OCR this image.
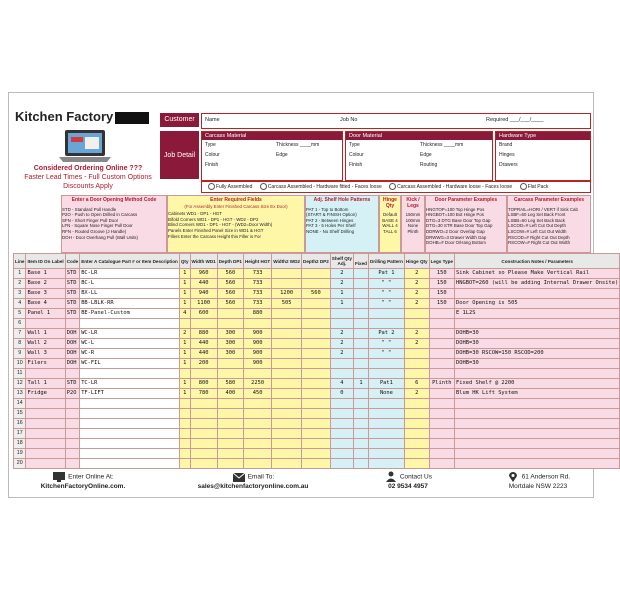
Kitchen Factory
Considered Ordering Online ???
Faster Lead Times - Full Custom Options
Discounts Apply
Customer	Name	Job No	Required ___/___/____
Job Detail
Carcass Material
Type	Thickness ____mm
Colour	Edge
Finish
Door Material
Type	Thickness ____mm
Colour	Edge
Finish	Routing
Hardware Type
Brand
Hinges
Drawers
Fully Assembled	Carcass Assembled - Hardware fitted - Faces loose	Carcass Assembled - Hardware loose - Faces loose	Flat Pack
Enter a Door Opening Method Code
STD - Standard Pull Handle
P2O - Push to Open Drilled in Carcass
SFN - Short Finger Pull Door
LFN - Square Nose Finger Pull Door
RFN - Routed Groove (J Handle)
DOH - Door Overhang Pull (Wall Units)
Enter Required Fields
(For Assembly Enter Finished Carcass Size Ex Door)
Cabinets WD1 - DP1 - HGT
Bifold Corners WD1 - DP1 - HGT - WD2 - DP2
Blind Corners WD1 - DP1 - HGT - (WD2=Door Width)
Panels Enter Finished Panel Size in WD1 & HGT
Fillers Enter the Carcass Height this Filler is For
Adj. Shelf Hole Patterns
PAT 1 - Top to Bottom
(START & FINISH Option)
PAT 2 - Between Hinges
PAT 3 - 5 Holes Per Shelf
NONE - No Shelf Drilling
Hinge Qty
Default
BASE 4
WALL 4
TALL 6
Kick / Legs
150mm
100mm
None
Plinth
Door Parameter Examples
HNGTOP=100 Top Hinge Pos
HNGBOT=100 Bot Hinge Pos
DTG=3 DTG Base Door Top Gap
DTG=30 STR Base Door Top Gap
DDRWO=2 Door Overlap Gap
DRWWG=3 Drawer Width Gap
DOHB=# Door O/Hang Bottom
Carcass Parameter Examples
TOPRAIL=HORI / VERT if Sink Cab
LSBF=60 Leg Set Back Front
LSBB=60 Leg Set Back Back
LSCOD=# Left Cut Out Depth
LSCOW=# Left Cut Out Width
RSCOD=# Right Cut Out Depth
RSCOW=# Right Cut Out Width
Line	Item ID On Label	Code	Enter A Catalogue Part # or Item Description	Qty	Width WD1	Depth DP1	Height HGT	Width2 WD2	Depth2 DP2	Shelf Qty
Adj.	Fixed	Drilling Pattern	Hinge Qty	Legs Type	Construction Notes / Parameters
1	Base 1	STD	BC-LR	1	960	560	733			2		Pat 1	2	150	Sink Cabinet so Please Make Vertical Rail
2	Base 2	STD	BC-L	1	440	560	733			2		" "	2	150	HNGBOT=260 (will be adding Internal Drawer Onsite)
3	Base 3	STD	BX-LL	1	940	560	733	1200	560	1		" "	2	150	
4	Base 4	STD	BB-LBLK-RR	1	1100	560	733	505		1		" "	2	150	Door Opening is 505
5	Panel 1	STD	BE-Panel-Custom	4	600		880								E 1L2S
6															
7	Wall 1	DOH	WC-LR	2	880	300	900			2		Pat 2	2		DOHB=30
8	Wall 2	DOH	WC-L	1	440	300	900			2		" "	2		DOHB=30
9	Wall 3	DOH	WC-R	1	440	300	900			2		" "			DOHB=30 RSCOW=150 RSCOD=200
10	Filers	DOH	WC-FIL	1	200		900								DOHB=30
11															
12	Tall 1	STD	TC-LR	1	800	580	2250			4	1	Pat1	6	Plinth	Fixed Shelf @ 2200
13	Fridge	P2O	TF-LIFT	1	780	400	450			0		None	2		Blum HK Lift System
14															
15															
16															
17															
18															
19															
20															
Enter Online At:
KitchenFactoryOnline.com.
Email To:
sales@kitchenfactoryonline.com.au
Contact Us
02 9534 4957
61 Anderson Rd.
Mortdale NSW 2223
